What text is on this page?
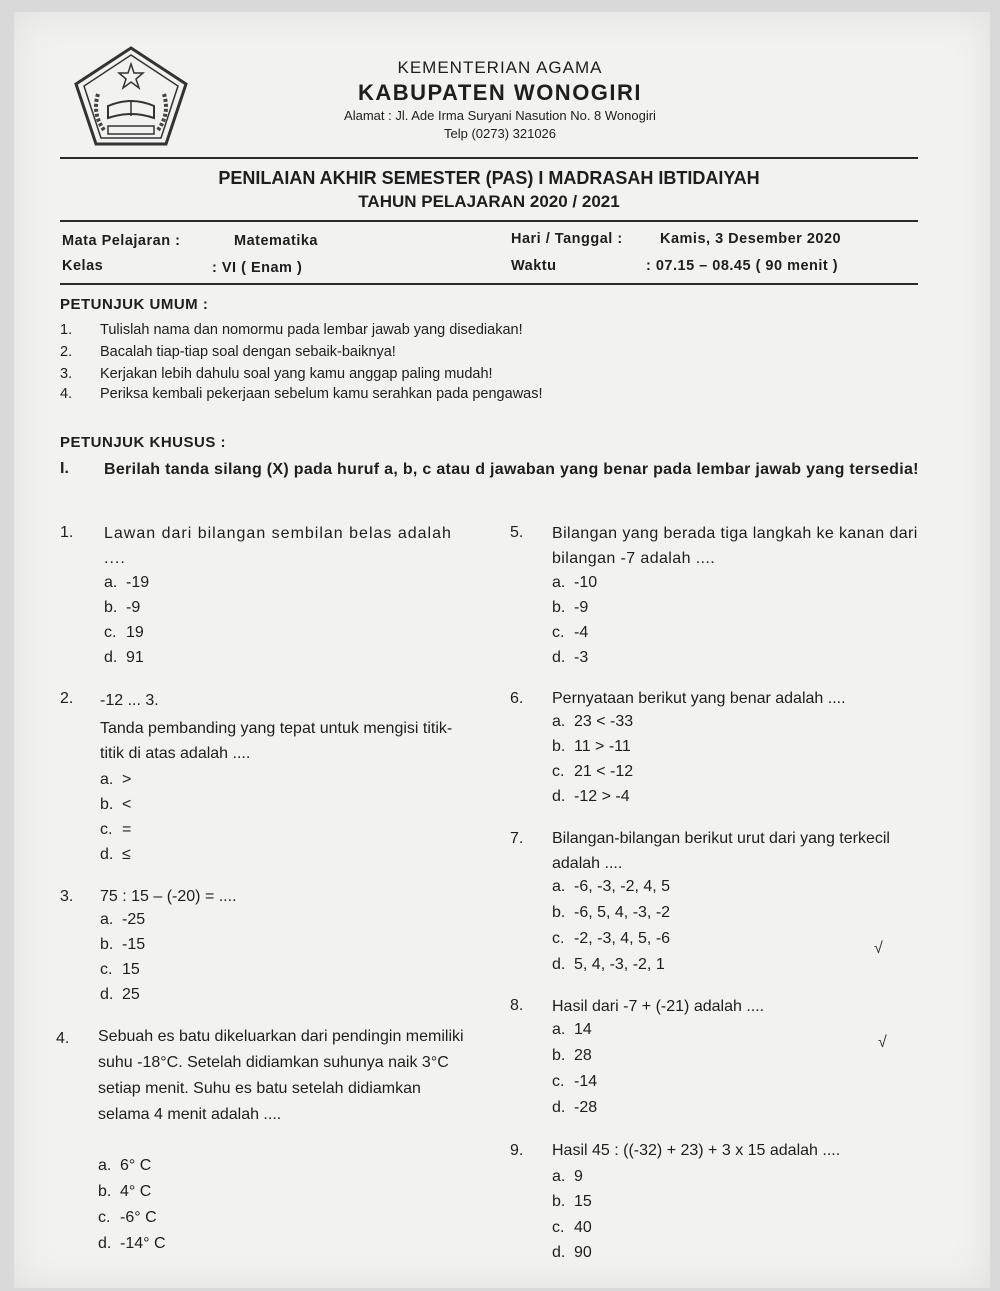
KEMENTERIAN AGAMA
KABUPATEN WONOGIRI
Alamat : Jl. Ade Irma Suryani Nasution No. 8 Wonogiri
Telp (0273) 321026
PENILAIAN AKHIR SEMESTER (PAS) I MADRASAH IBTIDAIYAH
TAHUN PELAJARAN 2020 / 2021
Mata Pelajaran :	Matematika
Kelas	: VI ( Enam )
Hari / Tanggal :	Kamis, 3 Desember 2020
Waktu	: 07.15 – 08.45 ( 90 menit )
PETUNJUK UMUM :
1. Tulislah nama dan nomormu pada lembar jawab yang disediakan!
2. Bacalah tiap-tiap soal dengan sebaik-baiknya!
3. Kerjakan lebih dahulu soal yang kamu anggap paling mudah!
4. Periksa kembali pekerjaan sebelum kamu serahkan pada pengawas!
PETUNJUK KHUSUS :
I. Berilah tanda silang (X) pada huruf a, b, c atau d jawaban yang benar pada lembar jawab yang tersedia!
1. Lawan dari bilangan sembilan belas adalah ....
a. -19
b. -9
c. 19
d. 91
2. -12 ... 3.
Tanda pembanding yang tepat untuk mengisi titik-titik di atas adalah ....
a. >
b. <
c. =
d. ≤
3. 75 : 15 – (-20) = ....
a. -25
b. -15
c. 15
d. 25
4. Sebuah es batu dikeluarkan dari pendingin memiliki suhu -18°C. Setelah didiamkan suhunya naik 3°C setiap menit. Suhu es batu setelah didiamkan selama 4 menit adalah ....
a. 6° C
b. 4° C
c. -6° C
d. -14° C
5. Bilangan yang berada tiga langkah ke kanan dari bilangan -7 adalah ....
a. -10
b. -9
c. -4
d. -3
6. Pernyataan berikut yang benar adalah ....
a. 23 < -33
b. 11 > -11
c. 21 < -12
d. -12 > -4
7. Bilangan-bilangan berikut urut dari yang terkecil adalah ....
a. -6, -3, -2, 4, 5
b. -6, 5, 4, -3, -2
c. -2, -3, 4, 5, -6
d. 5, 4, -3, -2, 1
8. Hasil dari -7 + (-21) adalah ....
a. 14
b. 28
c. -14
d. -28
9. Hasil 45 : ((-32) + 23) + 3 x 15 adalah ....
a. 9
b. 15
c. 40
d. 90
√
√
